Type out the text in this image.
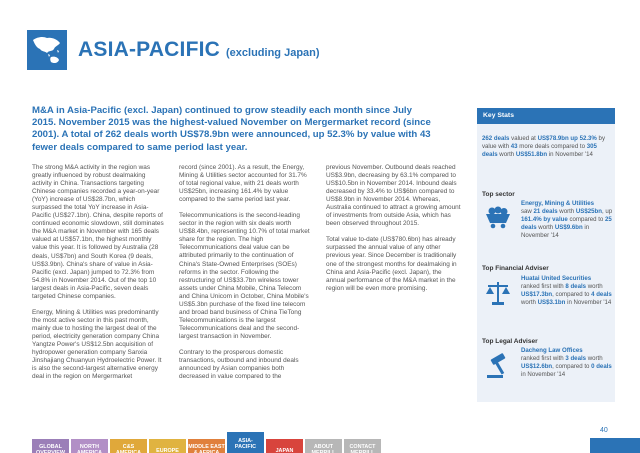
ASIA-PACIFIC (excluding Japan)
M&A in Asia-Pacific (excl. Japan) continued to grow steadily each month since July 2015. November 2015 was the highest-valued November on Mergermarket record (since 2001). A total of 262 deals worth US$78.9bn were announced, up 52.3% by value with 43 fewer deals compared to same period last year.

The strong M&A activity in the region was greatly influenced by robust dealmaking activity in China. Transactions targeting Chinese companies recorded a year-on-year (YoY) increase of US$28.7bn, which surpassed the total YoY increase in Asia-Pacific (US$27.1bn). China, despite reports of continued economic slowdown, still dominates the M&A market in November with 165 deals valued at US$57.1bn, the highest monthly value this year. It is followed by Australia (28 deals, US$7bn) and South Korea (9 deals, US$3.9bn). China's share of value in Asia-Pacific (excl. Japan) jumped to 72.3% from 54.8% in November 2014. Out of the top 10 largest deals in Asia-Pacific, seven deals targeted Chinese companies.

Energy, Mining & Utilities was predominantly the most active sector in this past month, mainly due to hosting the largest deal of the period, electricity generation company China Yangtze Power's US$12.5bn acquisition of hydropower generation company Sanxia Jinshajiang Chuanyun Hydroelectric Power. It is also the second-largest alternative energy deal in the region on Mergermarket

record (since 2001). As a result, the Energy, Mining & Utilities sector accounted for 31.7% of total regional value, with 21 deals worth US$25bn, increasing 161.4% by value compared to the same period last year.

Telecommunications is the second-leading sector in the region with six deals worth US$8.4bn, representing 10.7% of total market share for the region. The high Telecommunications deal value can be attributed primarily to the continuation of China's State-Owned Enterprises (SOEs) reforms in the sector. Following the restructuring of US$33.7bn wireless tower assets under China Mobile, China Telecom and China Unicom in October, China Mobile's US$5.3bn purchase of the fixed line telecom and broad band business of China TieTong Telecommunications is the largest Telecommunications deal and the second-largest transaction in November.

Contrary to the prosperous domestic transactions, outbound and inbound deals announced by Asian companies both decreased in value compared to the

previous November. Outbound deals reached US$3.9bn, decreasing by 63.1% compared to US$10.5bn in November 2014. Inbound deals decreased by 33.4% to US$6bn compared to US$8.9bn in November 2014. Whereas, Australia continued to attract a growing amount of investments from outside Asia, which has been observed throughout 2015.

Total value to-date (US$780.6bn) has already surpassed the annual value of any other previous year. Since December is traditionally one of the strongest months for dealmaking in China and Asia-Pacific (excl. Japan), the annual performance of the M&A market in the region will be even more promising.

Key Stats
262 deals valued at US$78.9bn up 52.3% by value with 43 more deals compared to 305 deals worth US$51.8bn in November '14
Top sector
Energy, Mining & Utilities
saw 21 deals worth US$25bn, up 161.4% by value compared to 25 deals worth US$9.6bn in November '14
Top Financial Adviser
Huatai United Securities
ranked first with 8 deals worth US$17.3bn, compared to 4 deals worth US$3.1bn in November '14
Top Legal Adviser
Dacheng Law Offices
ranked first with 3 deals worth US$12.6bn, compared to 0 deals in November '14
GLOBAL
OVERVIEW
NORTH
AMERICA
C&S
AMERICA	EUROPE
MIDDLE EAST
& AFRICA
ASIA-
PACIFIC
JAPAN
ABOUT
MERRILL
CONTACT
MERRILL
40
